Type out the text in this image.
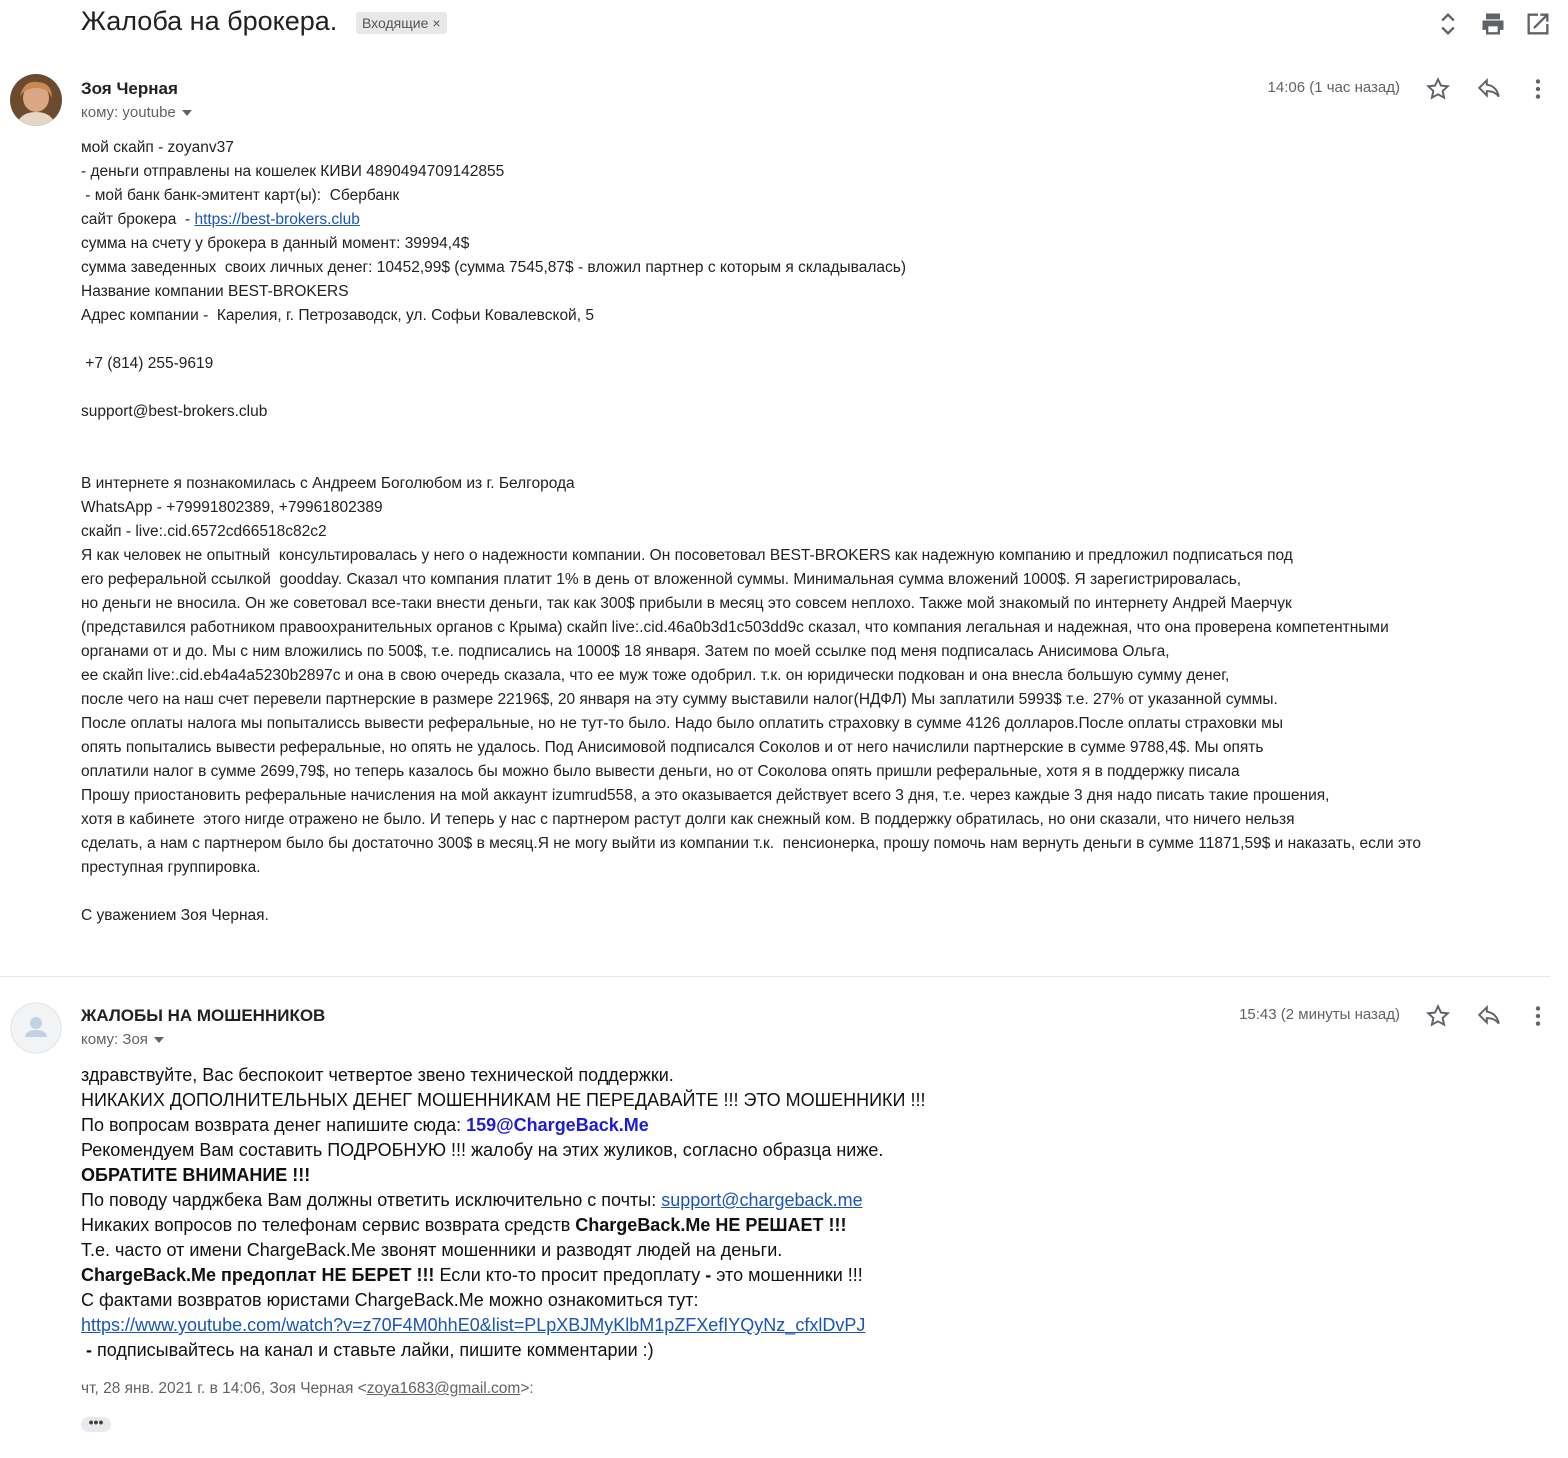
Жалоба на брокера.	Входящие ×
Зоя Черная
кому: youtube
14:06 (1 час назад)
мой скайп - zoyanv37
- деньги отправлены на кошелек КИВИ 4890494709142855
- мой банк банк-эмитент карт(ы):  Сбербанк
сайт брокера  - https://best-brokers.club
сумма на счету у брокера в данный момент: 39994,4$
сумма заведенных  своих личных денег: 10452,99$ (сумма 7545,87$ - вложил партнер с которым я складывалась)
Название компании BEST-BROKERS
Адрес компании -  Карелия, г. Петрозаводск, ул. Софьи Ковалевской, 5
+7 (814) 255-9619
support@best-brokers.club
В интернете я познакомилась с Андреем Боголюбом из г. Белгорода
WhatsApp - +79991802389, +79961802389
скайп - live:.cid.6572cd66518c82c2
Я как человек не опытный  консультировалась у него о надежности компании. Он посоветовал BEST-BROKERS как надежную компанию и предложил подписаться под
его реферальной ссылкой  goodday. Сказал что компания платит 1% в день от вложенной суммы. Минимальная сумма вложений 1000$. Я зарегистрировалась,
но деньги не вносила. Он же советовал все-таки внести деньги, так как 300$ прибыли в месяц это совсем неплохо. Также мой знакомый по интернету Андрей Маерчук
(представился работником правоохранительных органов с Крыма) скайп live:.cid.46a0b3d1c503dd9c сказал, что компания легальная и надежная, что она проверена компетентными
органами от и до. Мы с ним вложились по 500$, т.е. подписались на 1000$ 18 января. Затем по моей ссылке под меня подписалась Анисимова Ольга,
ее скайп live:.cid.eb4a4a5230b2897c и она в свою очередь сказала, что ее муж тоже одобрил. т.к. он юридически подкован и она внесла большую сумму денег,
после чего на наш счет перевели партнерские в размере 22196$, 20 января на эту сумму выставили налог(НДФЛ) Мы заплатили 5993$ т.е. 27% от указанной суммы.
После оплаты налога мы попыталисcь вывести реферальные, но не тут-то было. Надо было оплатить страховку в сумме 4126 долларов.После оплаты страховки мы
опять попытались вывести реферальные, но опять не удалось. Под Анисимовой подписался Соколов и от него начислили партнерские в сумме 9788,4$. Мы опять
оплатили налог в сумме 2699,79$, но теперь казалось бы можно было вывести деньги, но от Соколова опять пришли реферальные, хотя я в поддержку писала
Прошу приостановить реферальные начисления на мой аккаунт izumrud558, а это оказывается действует всего 3 дня, т.е. через каждые 3 дня надо писать такие прошения,
хотя в кабинете  этого нигде отражено не было. И теперь у нас с партнером растут долги как снежный ком. В поддержку обратилась, но они сказали, что ничего нельзя
сделать, а нам с партнером было бы достаточно 300$ в месяц.Я не могу выйти из компании т.к.  пенсионерка, прошу помочь нам вернуть деньги в сумме 11871,59$ и наказать, если это
преступная группировка.
С уважением Зоя Черная.
ЖАЛОБЫ НА МОШЕННИКОВ
кому: Зоя
15:43 (2 минуты назад)
здравствуйте, Вас беспокоит четвертое звено технической поддержки.
НИКАКИХ ДОПОЛНИТЕЛЬНЫХ ДЕНЕГ МОШЕННИКАМ НЕ ПЕРЕДАВАЙТЕ !!! ЭТО МОШЕННИКИ !!!
По вопросам возврата денег напишите сюда: 159@ChargeBack.Me
Рекомендуем Вам составить ПОДРОБНУЮ !!! жалобу на этих жуликов, согласно образца ниже.
ОБРАТИТЕ ВНИМАНИЕ !!!
По поводу чарджбека Вам должны ответить исключительно с почты: support@chargeback.me
Никаких вопросов по телефонам сервис возврата средств ChargeBack.Me НЕ РЕШАЕТ !!!
Т.е. часто от имени ChargeBack.Me звонят мошенники и разводят людей на деньги.
ChargeBack.Me предоплат НЕ БЕРЕТ !!! Если кто-то просит предоплату - это мошенники !!!
С фактами возвратов юристами ChargeBack.Me можно ознакомиться тут:
https://www.youtube.com/watch?v=z70F4M0hhE0&list=PLpXBJMyKlbM1pZFXefIYQyNz_cfxlDvPJ
- подписывайтесь на канал и ставьте лайки, пишите комментарии :)
чт, 28 янв. 2021 г. в 14:06, Зоя Черная <zoya1683@gmail.com>:
•••
